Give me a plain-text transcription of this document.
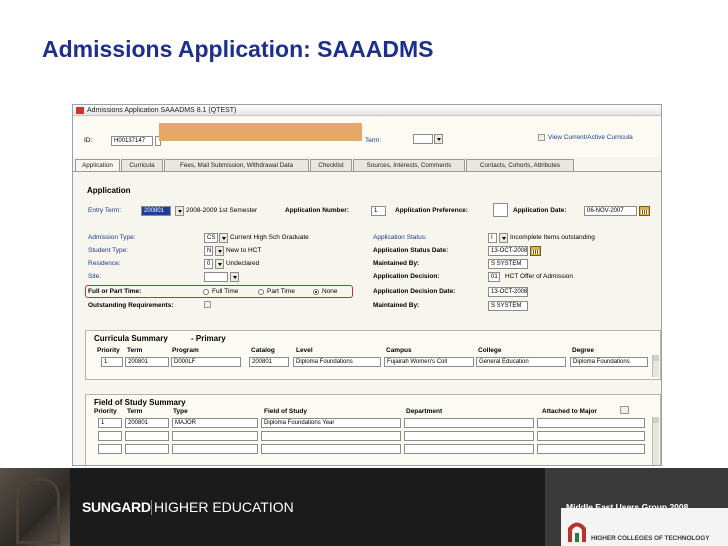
Admissions Application: SAAADMS
Admissions Application SAAADMS 8.1 (QTEST)
ID:	H00137147	Term:	View Current/Active Curricula
Application	Curricula	Fees, Mail Submission, Withdrawal Data	Checklist	Sources, Interests, Comments	Contacts, Cohorts, Attributes
Application
Entry Term:	200801	2008-2009 1st Semester	Application Number:	1	Application Preference:	Application Date:	06-NOV-2007
Admission Type:	CS	Current High Sch Graduate
Student Type:	N New to HCT
Residence:	0	Undeclared
Site:
Full or Part Time:	Full Time	Part Time	None
Outstanding Requirements:
Application Status:	I	Incomplete Items outstanding
Application Status Date:	13-OCT-2008
Maintained By:	S SYSTEM
Application Decision:	01	HCT Offer of Admission
Application Decision Date:	13-OCT-2008
Maintained By:	S SYSTEM
Curricula Summary	- Primary
Priority Term	Program	Catalog	Level	Campus	College	Degree
1	200801	D000LF	200801	Diploma Foundations	Fujairah Women's Coll	General Education	Diploma Foundations
Field of Study Summary
Priority Term	Type	Field of Study	Department	Attached to Major
1	200801	MAJOR	Diploma Foundations Year
SUNGARD HIGHER EDUCATION	Middle East Users Group 2008
HIGHER COLLEGES OF TECHNOLOGY
